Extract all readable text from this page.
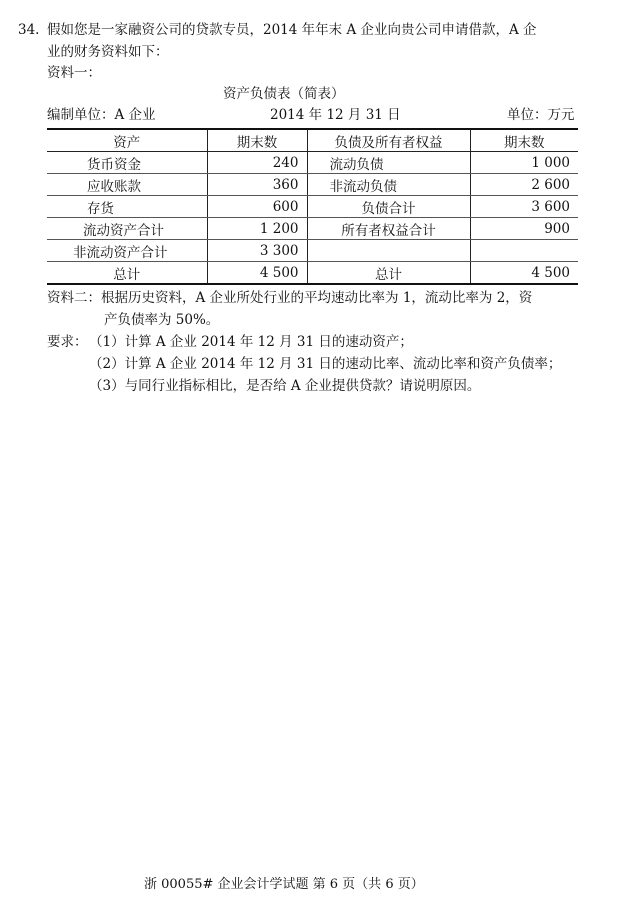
34. 假如您是一家融资公司的贷款专员，2014 年年末 A 企业向贵公司申请借款，A 企
业的财务资料如下：
资料一：
资产负债表（简表）
编制单位：A 企业	2014 年 12 月 31 日	单位：万元
资产	期末数	负债及所有者权益	期末数
货币资金	240	流动负债	1 000
应收账款	360	非流动负债	2 600
存货	600	负债合计	3 600
流动资产合计	1 200	所有者权益合计	900
非流动资产合计	3 300		
总计	4 500	总计	4 500
资料二：根据历史资料，A 企业所处行业的平均速动比率为 1，流动比率为 2，资
产负债率为 50%。
要求： （1）计算 A 企业 2014 年 12 月 31 日的速动资产；
（2）计算 A 企业 2014 年 12 月 31 日的速动比率、流动比率和资产负债率；
（3）与同行业指标相比，是否给 A 企业提供贷款？请说明原因。
浙 00055# 企业会计学试题 第 6 页（共 6 页）
